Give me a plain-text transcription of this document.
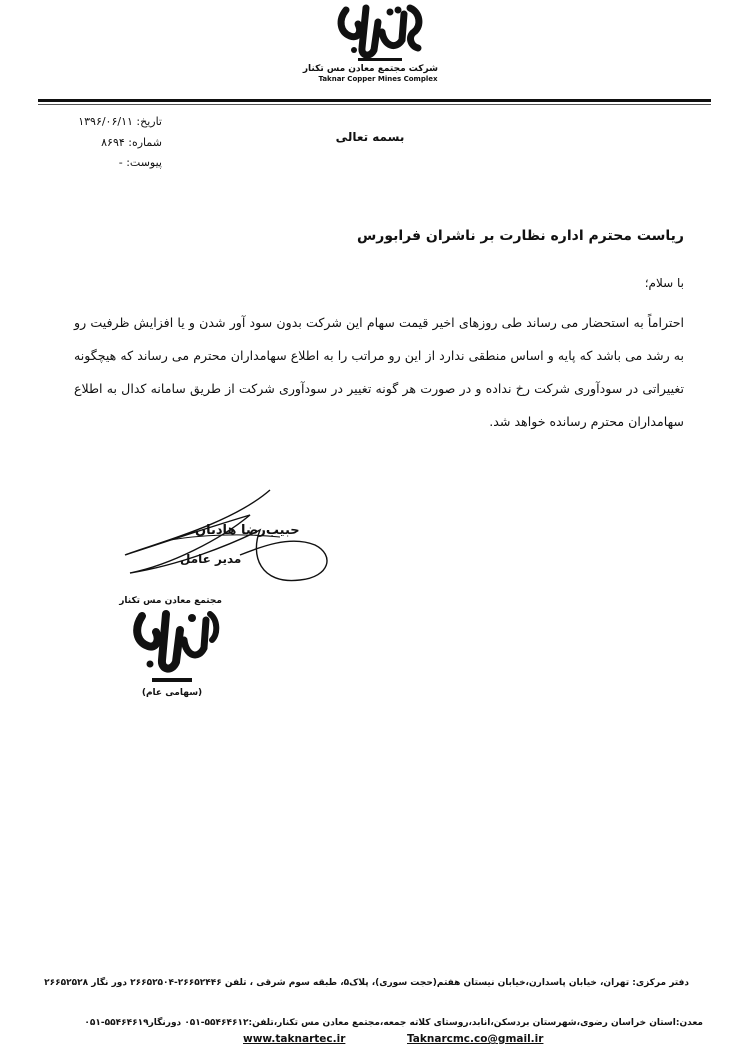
شرکت مجتمع معادن مس تکنار
Taknar Copper Mines Complex
تاریخ: ۱۳۹۶/۰۶/۱۱
شماره: ۸۶۹۴
پیوست: -
بسمه تعالی
ریاست محترم اداره نظارت بر ناشران فرابورس
با سلام؛
احتراماً به استحضار می رساند طی روزهای اخیر قیمت سهام این شرکت بدون سود آور شدن و یا افزایش ظرفیت رو به رشد می باشد که پایه و اساس منطقی ندارد از این رو مراتب را به اطلاع سهامداران محترم می رساند که هیچگونه تغییراتی در سودآوری شرکت رخ نداده و در صورت هر گونه تغییر در سودآوری شرکت از طریق سامانه کدال به اطلاع سهامداران محترم رسانده خواهد شد.
حبیب‌رضا هادیان
مدیر عامل
مجتمع معادن مس تکنار
(سهامی عام)
دفتر مرکزی: تهران، خیابان پاسدارن،خیابان نیستان هفتم(حجت سوری)، پلاک۵، طبقه سوم شرقی ، تلفن ۲۶۶۵۲۴۴۶-۲۶۶۵۲۵۰۴ دور نگار ۲۶۶۵۲۵۲۸
معدن:استان خراسان رضوی،شهرستان بردسکن،انابد،روستای کلاته جمعه،مجتمع معادن مس تکنار،تلفن:۵۵۴۶۴۶۱۲-۰۵۱ دورنگار۵۵۴۶۴۶۱۹-۰۵۱
www.taknartec.ir	Taknarcmc.co@gmail.ir
